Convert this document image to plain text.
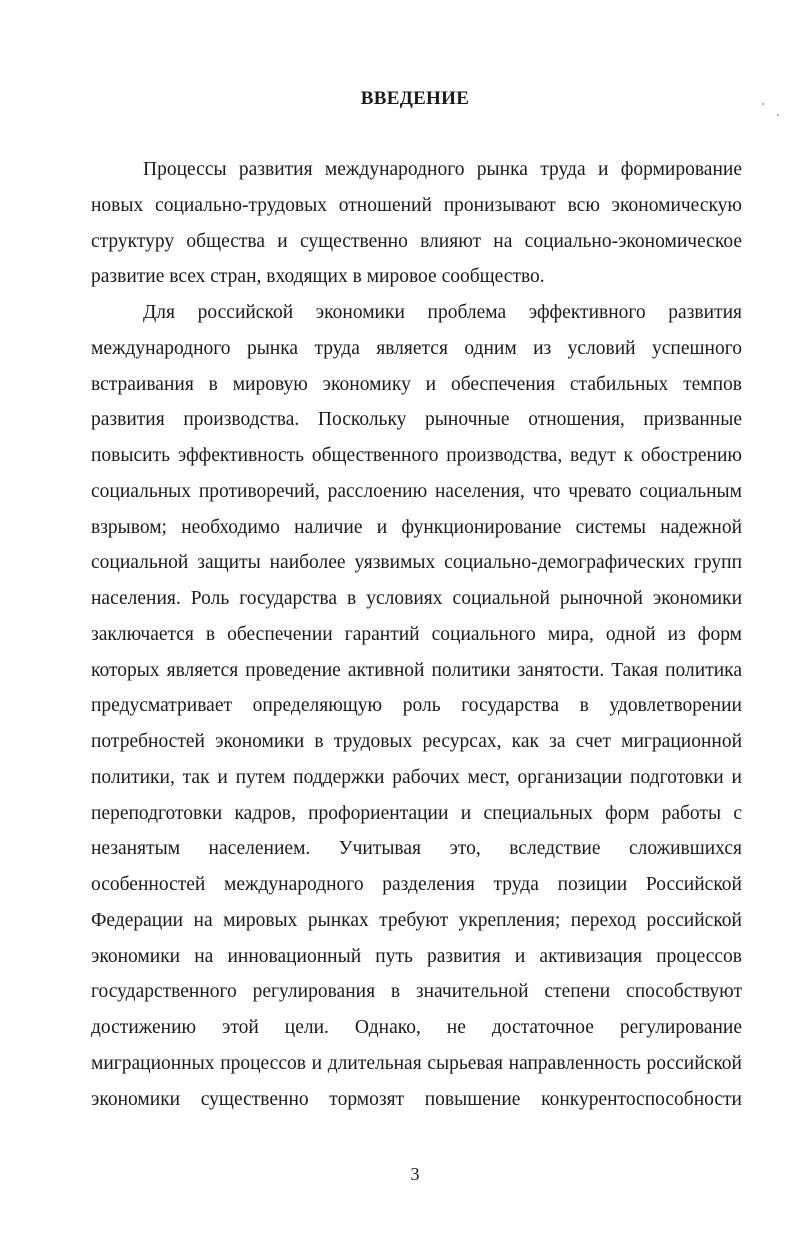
ВВЕДЕНИЕ
Процессы развития международного рынка труда и формирование
новых социально-трудовых отношений пронизывают всю экономическую
структуру общества и существенно влияют на социально-экономическое
развитие всех стран, входящих в мировое сообщество.
Для российской экономики проблема эффективного развития
международного рынка труда является одним из условий успешного
встраивания в мировую экономику и обеспечения стабильных темпов
развития производства. Поскольку рыночные отношения, призванные
повысить эффективность общественного производства, ведут к обострению
социальных противоречий, расслоению населения, что чревато социальным
взрывом; необходимо наличие и функционирование системы надежной
социальной защиты наиболее уязвимых социально-демографических групп
населения. Роль государства в условиях социальной рыночной экономики
заключается в обеспечении гарантий социального мира, одной из форм
которых является проведение активной политики занятости. Такая политика
предусматривает определяющую роль государства в удовлетворении
потребностей экономики в трудовых ресурсах, как за счет миграционной
политики, так и путем поддержки рабочих мест, организации подготовки и
переподготовки кадров, профориентации и специальных форм работы с
незанятым населением. Учитывая это, вследствие сложившихся
особенностей международного разделения труда позиции Российской
Федерации на мировых рынках требуют укрепления; переход российской
экономики на инновационный путь развития и активизация процессов
государственного регулирования в значительной степени способствуют
достижению этой цели. Однако, не достаточное регулирование
миграционных процессов и длительная сырьевая направленность российской
экономики существенно тормозят повышение конкурентоспособности
3
